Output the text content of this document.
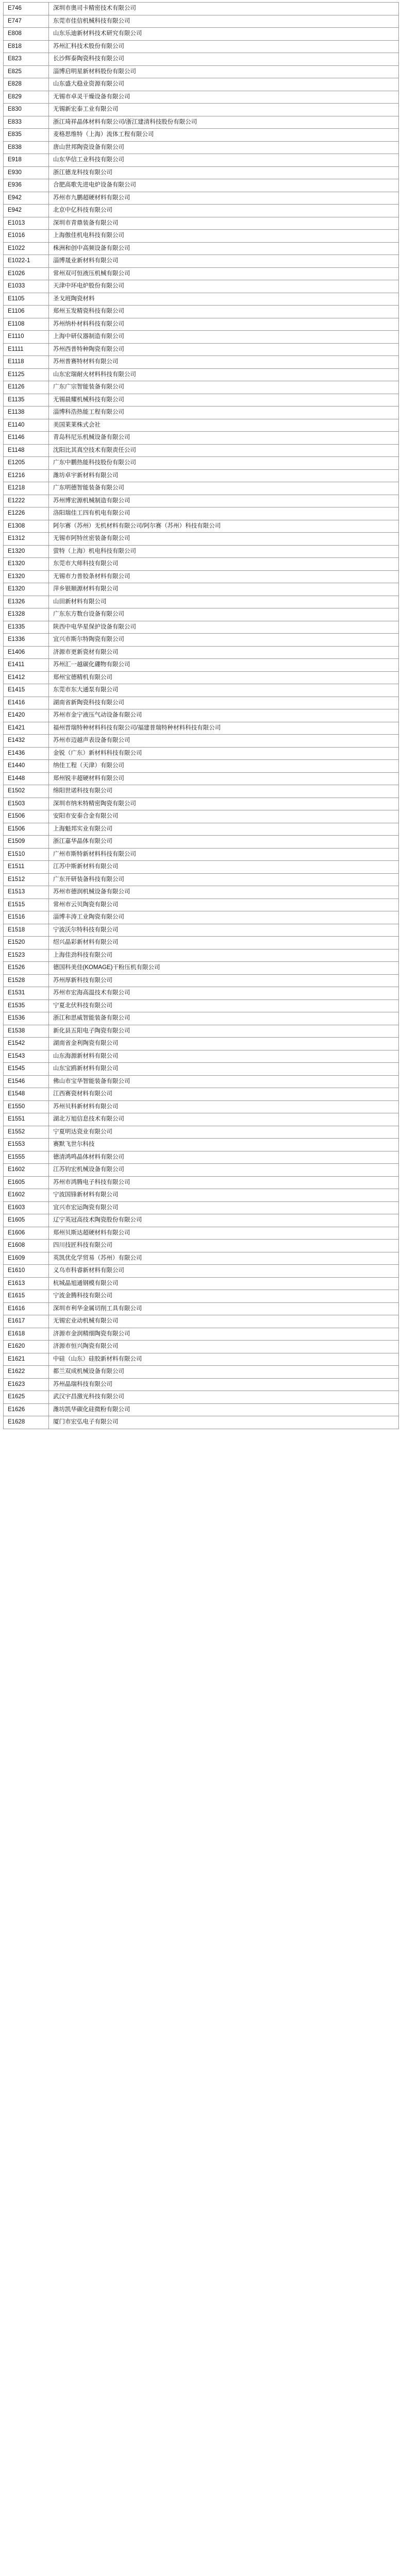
E746	深圳市奥司卡精密技术有限公司
E747	东莞市佳信机械科技有限公司
E808	山东乐迪新材料技术研究有限公司
E818	苏州汇科技术股份有限公司
E823	长沙辉泰陶瓷科技有限公司
E825	淄博启明星新材料股份有限公司
E828	山东盛大稳业资源有限公司
E829	无锡市卓灵干燥设备有限公司
E830	无锡新宏泰工业有限公司
E833	浙江琦祥晶体材料有限公司/浙江建清科技股份有限公司
E835	麦格思维特（上海）流体工程有限公司
E838	唐山世邦陶瓷设备有限公司
E918	山东华信工业科技有限公司
E930	浙江德龙科技有限公司
E936	合肥高歌先进电炉设备有限公司
E942	苏州市九鹏超硬材料有限公司
E942	北京中亿科技有限公司
E1013	深圳市青鼎装备有限公司
E1016	上海傲佳机电科技有限公司
E1022	株洲和创中高频设备有限公司
E1022-1	淄博晟业新材料有限公司
E1026	常州双可恒液压机械有限公司
E1033	天津中环电炉股份有限公司
E1105	圣戈班陶瓷材料
E1106	郑州玉发精瓷科技有限公司
E1108	苏州纳朴材料科技有限公司
E1110	上海中研仪器制造有限公司
E1111	苏州西普特种陶瓷有限公司
E1118	苏州普赛特材料有限公司
E1125	山东宏瑞耐火材料科技有限公司
E1126	广东广宗智能装备有限公司
E1135	无锡晨耀机械科技有限公司
E1138	淄博科浩热能工程有限公司
E1140	美国莱莱株式会社
E1146	青岛科尼乐机械设备有限公司
E1148	沈阳比其真空技术有限责任公司
E1205	广东中鹏热能科技股份有限公司
E1216	潍坊卓宇新材料有限公司
E1218	广东明德智能装备有限公司
E1222	苏州博宏源机械制造有限公司
E1226	洛阳瑞佳工四有机电有限公司
E1308	阿尔赛（苏州）无机材料有限公司/阿尔赛（苏州）科技有限公司
E1312	无锡市阿特丝密装备有限公司
E1320	萤特（上海）机电科技有限公司
E1320	东莞市大师科技有限公司
E1320	无锡市力普胶条材料有限公司
E1320	萍乡银顺源材料有限公司
E1326	山田新材料有限公司
E1328	广东东方数台设备有限公司
E1335	陕西中电华星保护设备有限公司
E1336	宜兴市斯尔特陶瓷有限公司
E1406	济源市更新瓷材有限公司
E1411	苏州汇一越碳化硼物有限公司
E1412	郑州宝德精机有限公司
E1415	东莞市东大通泵有限公司
E1416	湖南省新陶瓷科技有限公司
E1420	苏州市金宁液压气动设备有限公司
E1421	福州晋瑞特种材料科技有限公司/福建普瑞特种材料科技有限公司
E1432	苏州市迈越声表设备有限公司
E1436	金锐（广东）新材料科技有限公司
E1440	纳佳工程（天津）有限公司
E1448	郑州锐丰超硬材料有限公司
E1502	绵阳世诺科技有限公司
E1503	深圳市纳米特精密陶瓷有限公司
E1506	安阳市安泰合金有限公司
E1506	上海魁邦实业有限公司
E1509	浙江嘉华晶体有限公司
E1510	广州市斯特新材料科技有限公司
E1511	江苏中斯新材料有限公司
E1512	广东开研装备科技有限公司
E1513	苏州市德润机械设备有限公司
E1515	常州市云贝陶瓷有限公司
E1516	淄博丰涛工业陶瓷有限公司
E1518	宁波沃尔特科技有限公司
E1520	绍兴晶彩新材料有限公司
E1523	上海佳劲科技有限公司
E1526	德国科美佳(KOMAGE)干粉压机有限公司
E1528	苏州厚新科技有限公司
E1531	苏州市宏海高温技术有限公司
E1535	宁夏北伏科技有限公司
E1536	浙江和思威智能装备有限公司
E1538	新化县五阳电子陶瓷有限公司
E1542	湖南省金利陶瓷有限公司
E1543	山东海源新材料有限公司
E1545	山东宝鸥新材料有限公司
E1546	佛山市宝华智能装备有限公司
E1548	江西赛瓷材料有限公司
E1550	苏州贝科新材料有限公司
E1551	湖北万旭信息技术有限公司
E1552	宁夏明达瓷业有限公司
E1553	赛默飞世尔科技
E1555	德清鸿鸣晶体材料有限公司
E1602	江苏钧宏机械设备有限公司
E1605	苏州市鸿腾电子科技有限公司
E1602	宁波国锋新材料有限公司
E1603	宜兴市宏运陶瓷有限公司
E1605	辽宁英冠高技术陶瓷股份有限公司
E1606	郑州贝斯达超硬材料有限公司
E1608	四川技匠科技有限公司
E1609	英凯优化学贸易（苏州）有限公司
E1610	义乌市科睿新材料有限公司
E1613	杭城晶旭通钢模有限公司
E1615	宁波金腾科技有限公司
E1616	深圳市利华金属切削工具有限公司
E1617	无锡宏业动机械有限公司
E1618	济源市金润精细陶瓷有限公司
E1620	济源市恒兴陶瓷有限公司
E1621	中硅（山东）硅胶新材料有限公司
E1622	都兰双成机械设备有限公司
E1623	苏州晶瑞科技有限公司
E1625	武汉宇昌激光科技有限公司
E1626	潍坊凯华碳化硅微粉有限公司
E1628	厦门市宏弘电子有限公司
